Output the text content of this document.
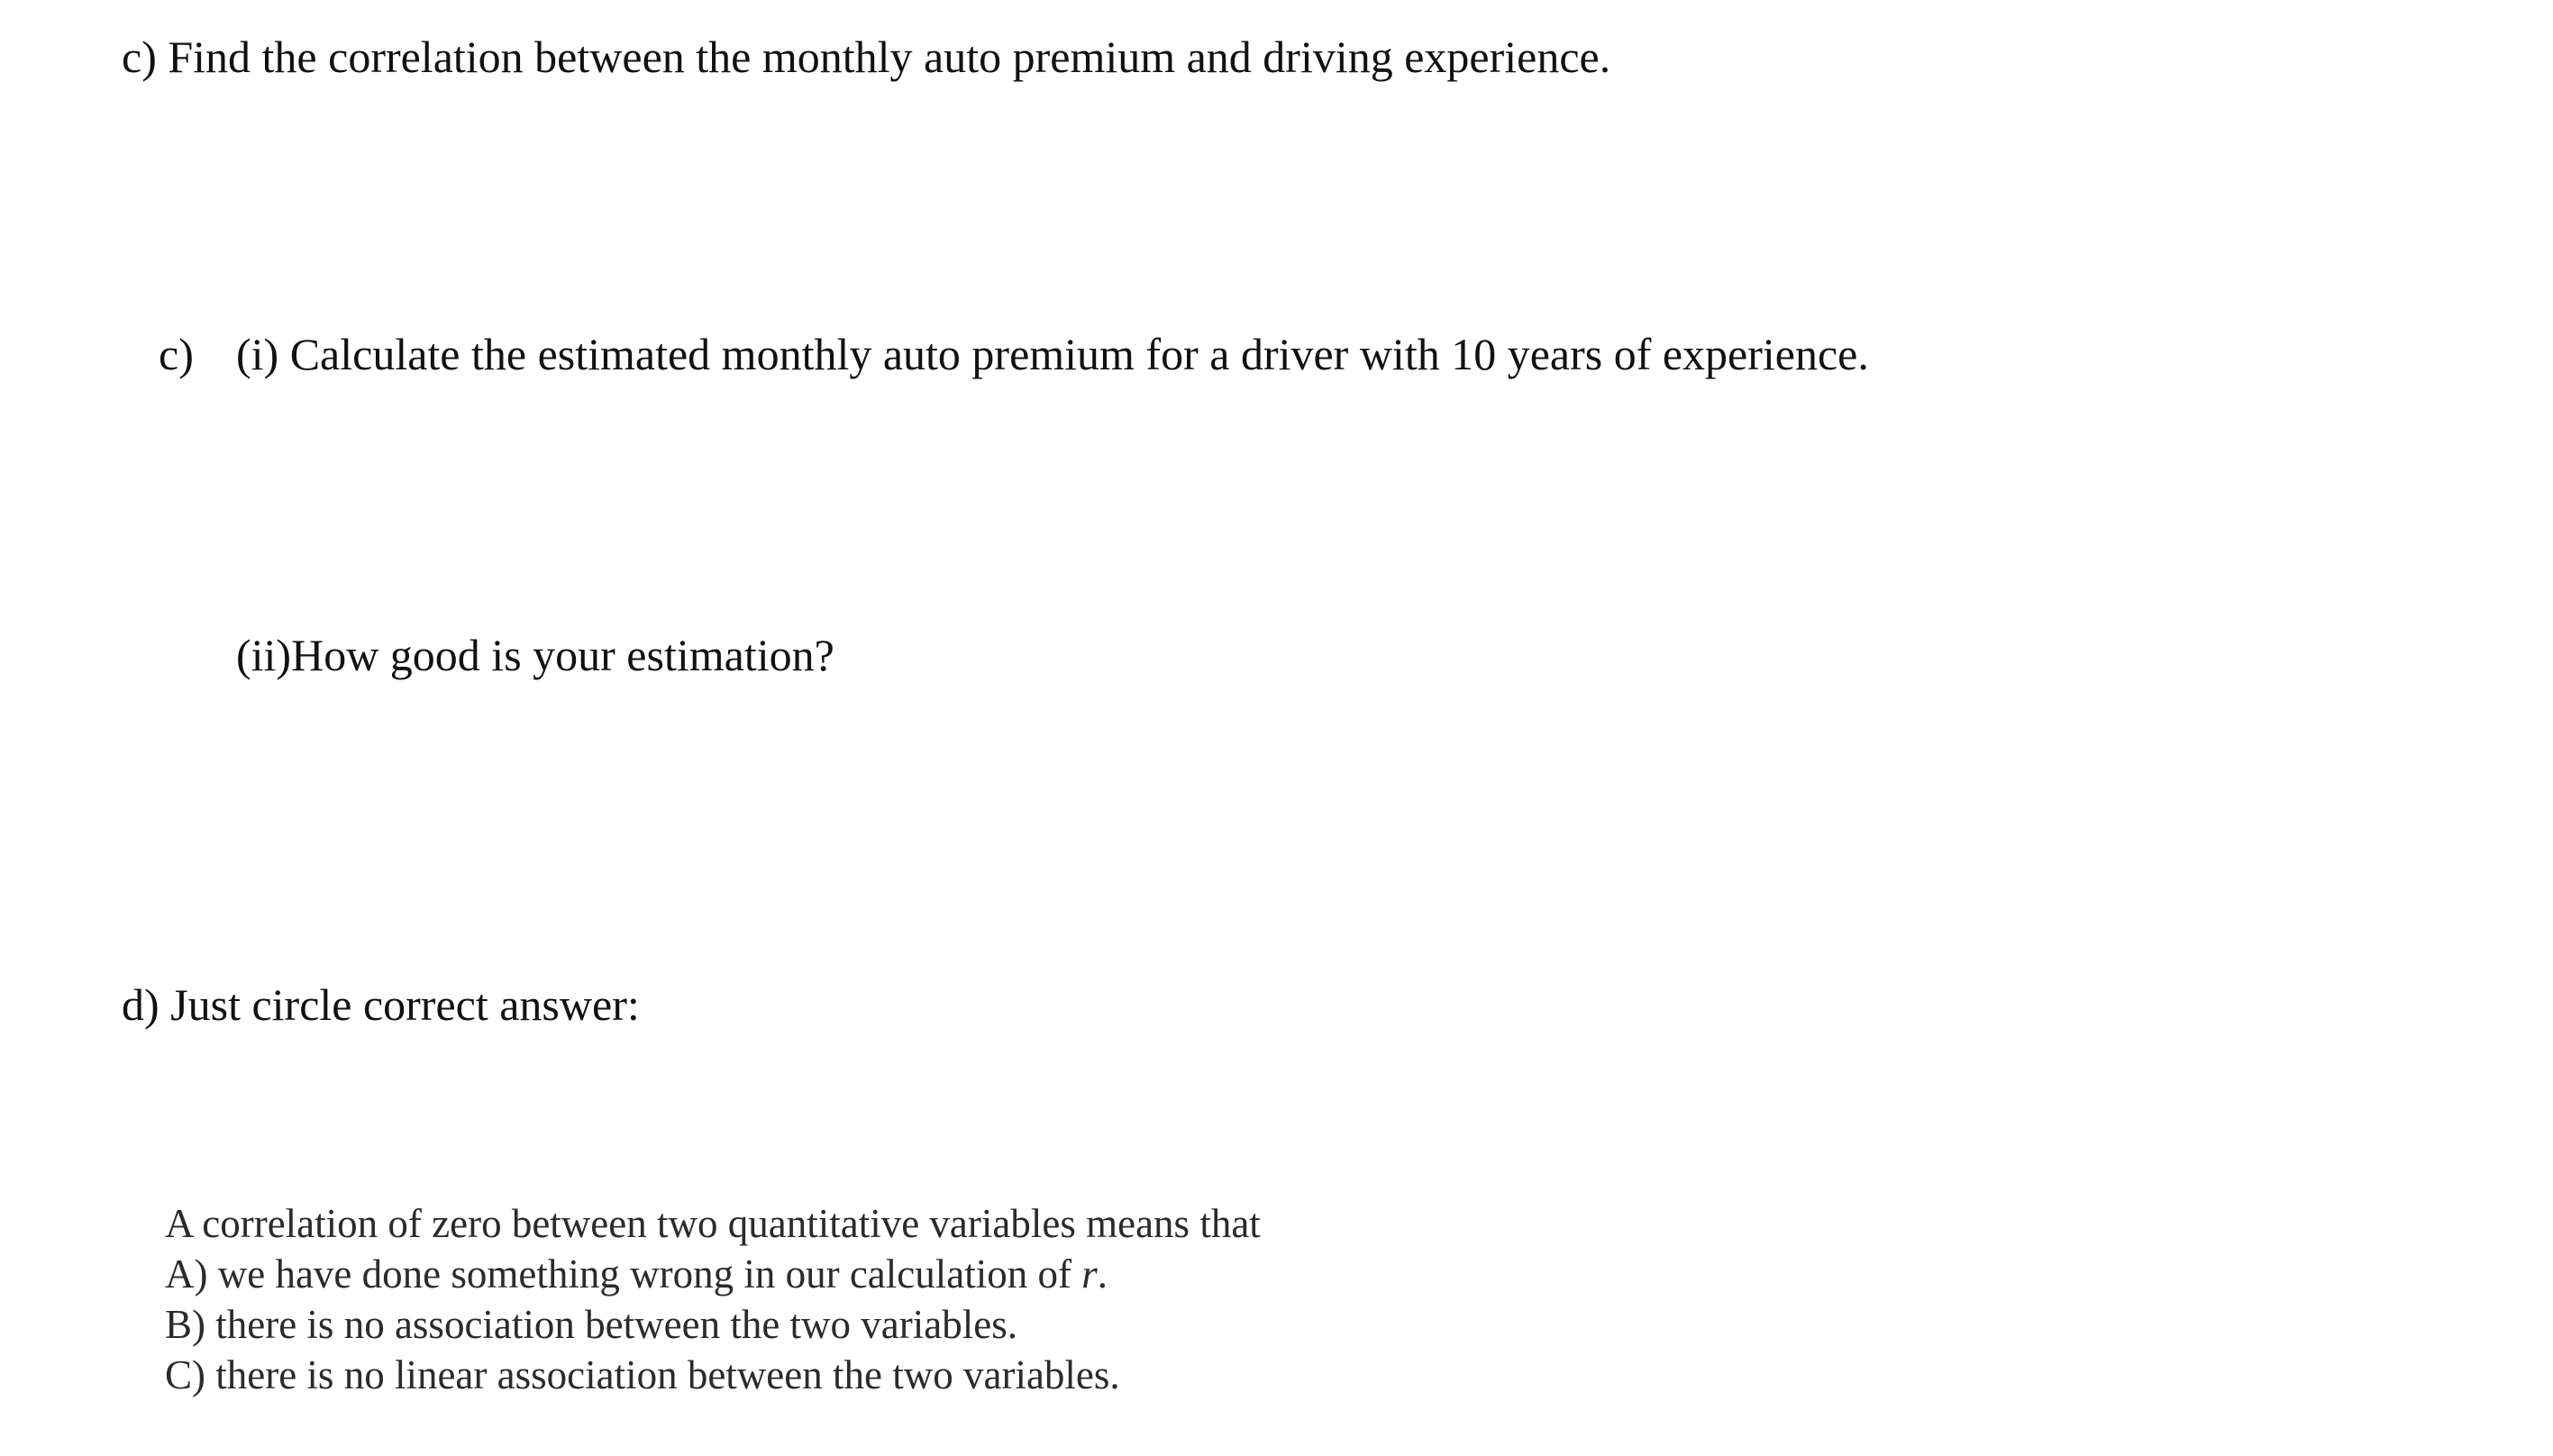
c) Find the correlation between the monthly auto premium and driving experience.
c) (i) Calculate the estimated monthly auto premium for a driver with 10 years of experience.
(ii)How good is your estimation?
d) Just circle correct answer:
A correlation of zero between two quantitative variables means that
A) we have done something wrong in our calculation of r.
B) there is no association between the two variables.
C) there is no linear association between the two variables.
